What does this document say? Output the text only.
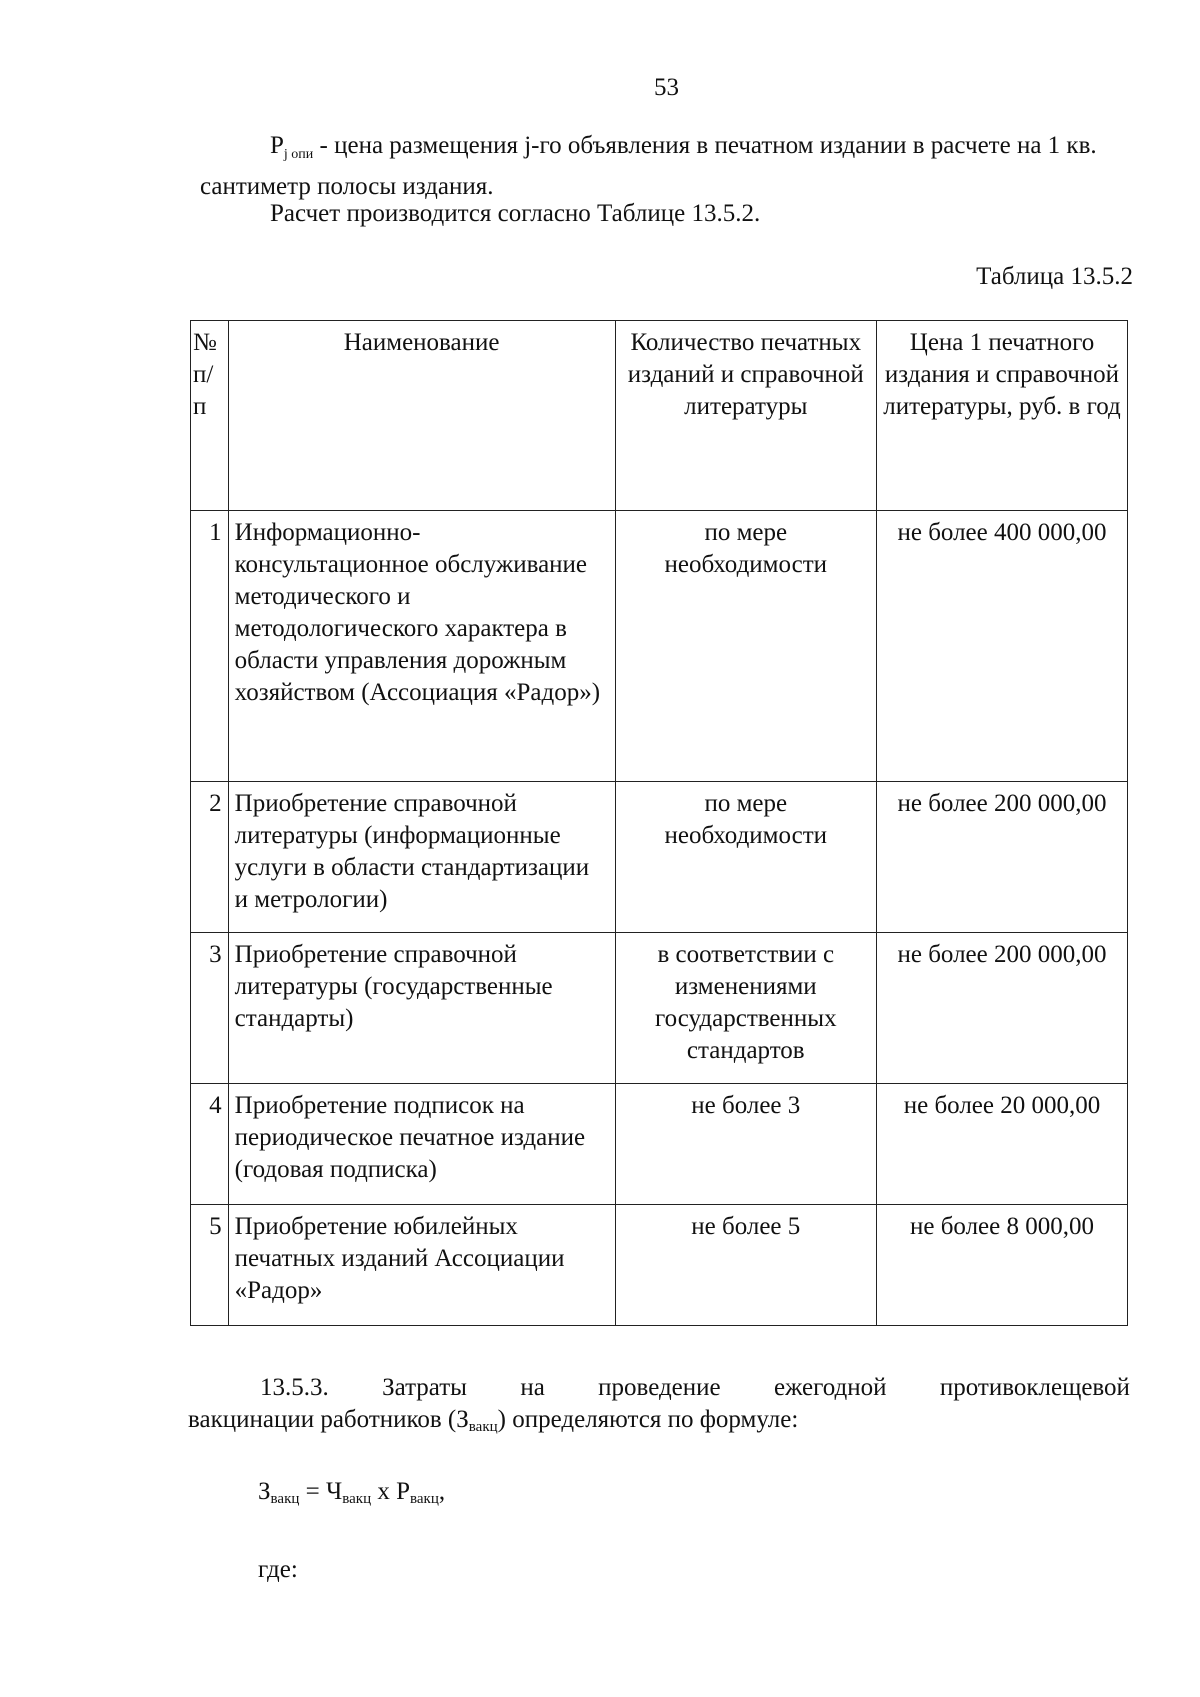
53
$P_{j опи}$ - цена размещения j-го объявления в печатном издании в расчете на 1 кв. сантиметр полосы издания.
Расчет производится согласно Таблице 13.5.2.
Таблица 13.5.2
№ п/п	Наименование	Количество печатных изданий и справочной литературы	Цена 1 печатного издания и справочной литературы, руб. в год
1	Информационно-консультационное обслуживание методического и методологического характера в области управления дорожным хозяйством (Ассоциация «Радор»)	по мере необходимости	не более 400 000,00
2	Приобретение справочной литературы (информационные услуги в области стандартизации и метрологии)	по мере необходимости	не более 200 000,00
3	Приобретение справочной литературы (государственные стандарты)	в соответствии с изменениями государственных стандартов	не более 200 000,00
4	Приобретение подписок на периодическое печатное издание (годовая подписка)	не более 3	не более 20 000,00
5	Приобретение юбилейных печатных изданий Ассоциации «Радор»	не более 5	не более 8 000,00
13.5.3. Затраты на проведение ежегодной противоклещевой
вакцинации работников $(З_{вакц})$ определяются по формуле:
$З_{вакц} = Ч_{вакц}$ х $Р_{вакц}$,
где:
